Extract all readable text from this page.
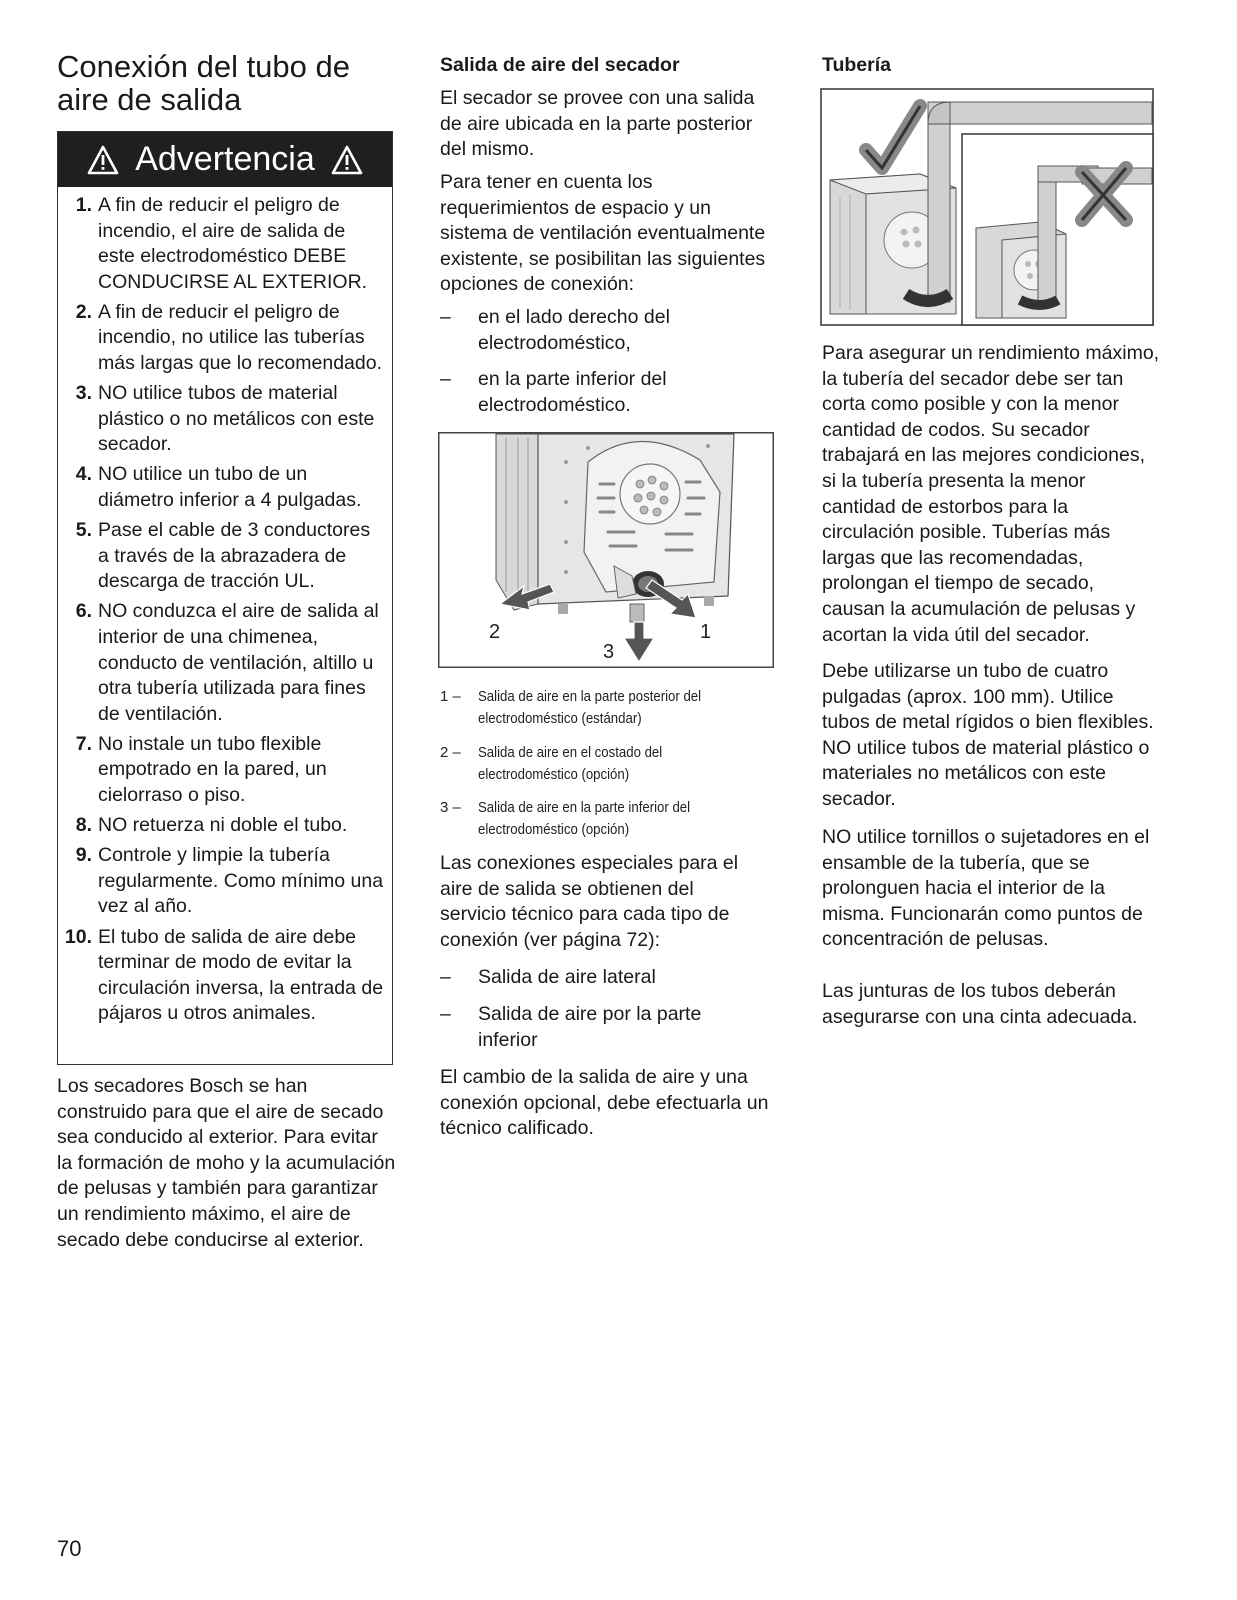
Conexión del tubo de aire de salida
Advertencia
1. A fin de reducir el peligro de incendio, el aire de salida de este electrodoméstico DEBE CONDUCIRSE AL EXTERIOR.
2. A fin de reducir el peligro de incendio, no utilice las tuberías más largas que lo recomendado.
3. NO utilice tubos de material plástico o no metálicos con este secador.
4. NO utilice un tubo de un diámetro inferior a 4 pulgadas.
5. Pase el cable de 3 conductores a través de la abrazadera de descarga de tracción UL.
6. NO conduzca el aire de salida al interior de una chimenea, conducto de ventilación, altillo u otra tubería utilizada para fines de ventilación.
7. No instale un tubo flexible empotrado en la pared, un cielorraso o piso.
8. NO retuerza ni doble el tubo.
9. Controle y limpie la tubería regularmente. Como mínimo una vez al año.
10. El tubo de salida de aire debe terminar de modo de evitar la circulación inversa, la entrada de pájaros u otros animales.

Los secadores Bosch se han construido para que el aire de secado sea conducido al exterior. Para evitar la formación de moho y la acumulación de pelusas y también para garantizar un rendimiento máximo, el aire de secado debe conducirse al exterior.

Salida de aire del secador

El secador se provee con una salida de aire ubicada en la parte posterior del mismo.

Para tener en cuenta los requerimientos de espacio y un sistema de ventilación eventualmente existente, se posibilitan las siguientes opciones de conexión:

– en el lado derecho del electrodoméstico,
– en la parte inferior del electrodoméstico.
1
2
3
1 – Salida de aire en la parte posterior del electrodoméstico (estándar)
2 – Salida de aire en el costado del electrodoméstico (opción)
3 – Salida de aire en la parte inferior del electrodoméstico (opción)

Las conexiones especiales para el aire de salida se obtienen del servicio técnico para cada tipo de conexión (ver página 72):

– Salida de aire lateral
– Salida de aire por la parte inferior

El cambio de la salida de aire y una conexión opcional, debe efectuarla un técnico calificado.

Tubería

Para asegurar un rendimiento máximo, la tubería del secador debe ser tan corta como posible y con la menor cantidad de codos. Su secador trabajará en las mejores condiciones, si la tubería presenta la menor cantidad de estorbos para la circulación posible. Tuberías más largas que las recomendadas, prolongan el tiempo de secado, causan la acumulación de pelusas y acortan la vida útil del secador.

Debe utilizarse un tubo de cuatro pulgadas (aprox. 100 mm). Utilice tubos de metal rígidos o bien flexibles. NO utilice tubos de material plástico o materiales no metálicos con este secador.

NO utilice tornillos o sujetadores en el ensamble de la tubería, que se prolonguen hacia el interior de la misma. Funcionarán como puntos de concentración de pelusas.

Las junturas de los tubos deberán asegurarse con una cinta adecuada.

70
